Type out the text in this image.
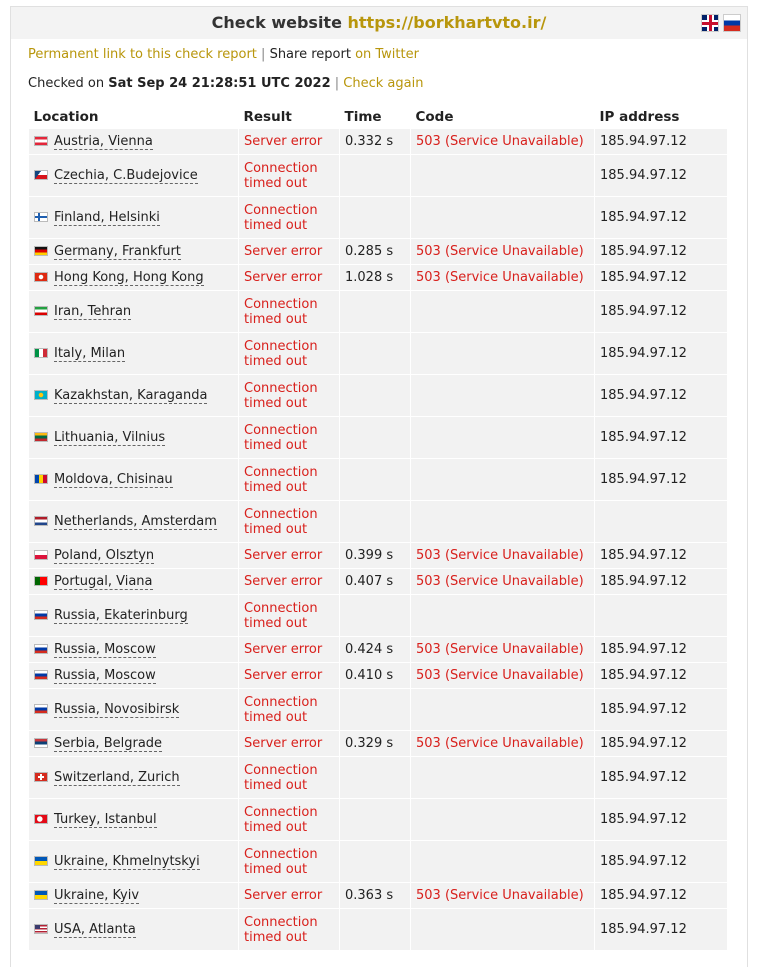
Check website https://borkhartvto.ir/
Permanent link to this check report | Share report on Twitter
Checked on Sat Sep 24 21:28:51 UTC 2022 | Check again
Location	Result	Time	Code	IP address
Austria, Vienna	Server error	0.332 s	503 (Service Unavailable)	185.94.97.12
Czechia, C.Budejovice	Connection timed out			185.94.97.12
Finland, Helsinki	Connection timed out			185.94.97.12
Germany, Frankfurt	Server error	0.285 s	503 (Service Unavailable)	185.94.97.12
Hong Kong, Hong Kong	Server error	1.028 s	503 (Service Unavailable)	185.94.97.12
Iran, Tehran	Connection timed out			185.94.97.12
Italy, Milan	Connection timed out			185.94.97.12
Kazakhstan, Karaganda	Connection timed out			185.94.97.12
Lithuania, Vilnius	Connection timed out			185.94.97.12
Moldova, Chisinau	Connection timed out			185.94.97.12
Netherlands, Amsterdam	Connection timed out			
Poland, Olsztyn	Server error	0.399 s	503 (Service Unavailable)	185.94.97.12
Portugal, Viana	Server error	0.407 s	503 (Service Unavailable)	185.94.97.12
Russia, Ekaterinburg	Connection timed out			
Russia, Moscow	Server error	0.424 s	503 (Service Unavailable)	185.94.97.12
Russia, Moscow	Server error	0.410 s	503 (Service Unavailable)	185.94.97.12
Russia, Novosibirsk	Connection timed out			185.94.97.12
Serbia, Belgrade	Server error	0.329 s	503 (Service Unavailable)	185.94.97.12
Switzerland, Zurich	Connection timed out			185.94.97.12
Turkey, Istanbul	Connection timed out			185.94.97.12
Ukraine, Khmelnytskyi	Connection timed out			185.94.97.12
Ukraine, Kyiv	Server error	0.363 s	503 (Service Unavailable)	185.94.97.12
USA, Atlanta	Connection timed out			185.94.97.12
